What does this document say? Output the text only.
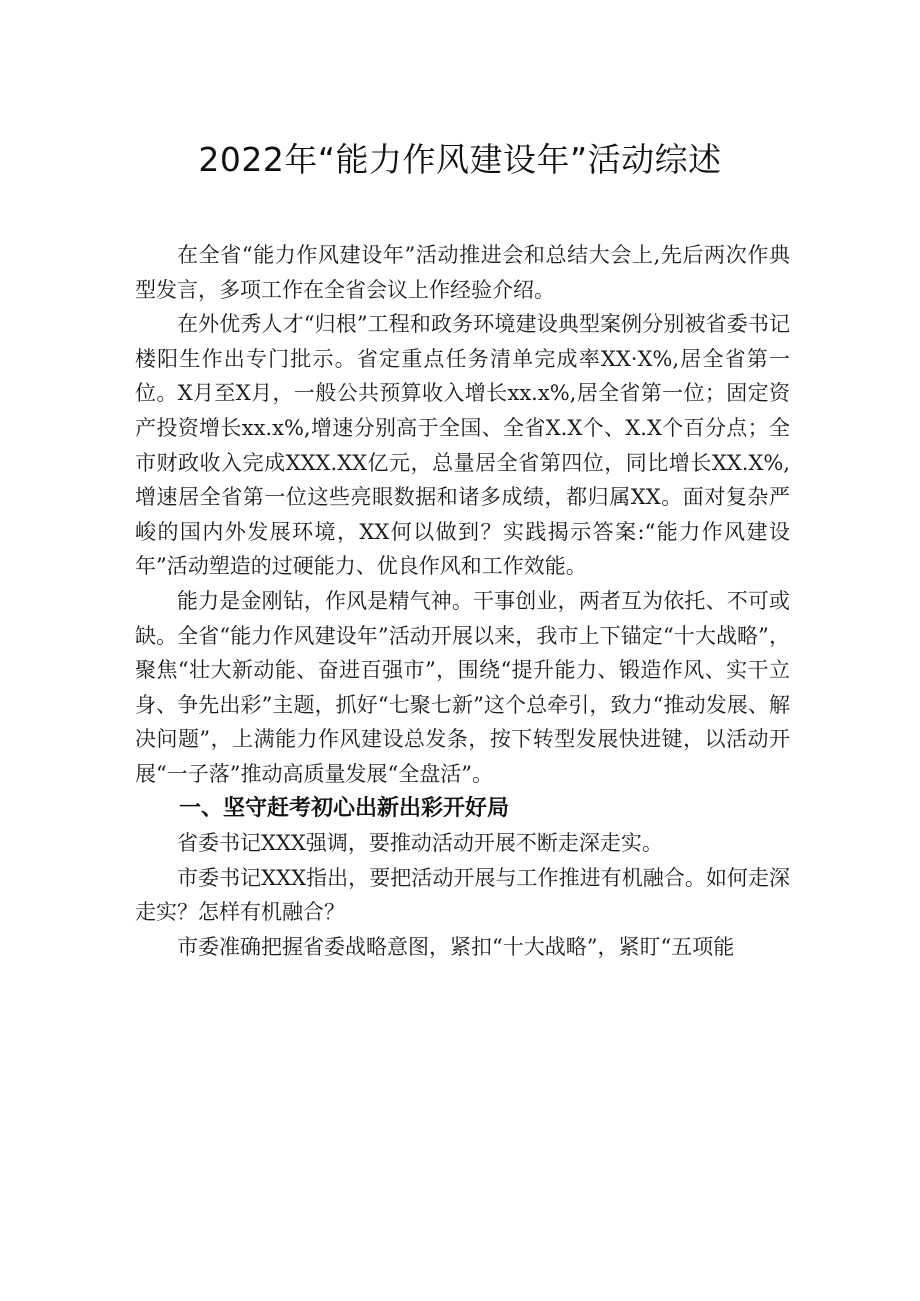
2022年“能力作风建设年”活动综述

在全省“能力作风建设年”活动推进会和总结大会上,先后两次作典型发言，多项工作在全省会议上作经验介绍。

在外优秀人才“归根”工程和政务环境建设典型案例分别被省委书记楼阳生作出专门批示。省定重点任务清单完成率XX·X%,居全省第一位。X月至X月，一般公共预算收入增长xx.x%,居全省第一位；固定资产投资增长xx.x%,增速分别高于全国、全省X.X个、X.X个百分点；全市财政收入完成XXX.XX亿元，总量居全省第四位，同比增长XX.X%,增速居全省第一位这些亮眼数据和诸多成绩，都归属XX。面对复杂严峻的国内外发展环境，XX何以做到？实践揭示答案:“能力作风建设年”活动塑造的过硬能力、优良作风和工作效能。

能力是金刚钻，作风是精气神。干事创业，两者互为依托、不可或缺。全省“能力作风建设年”活动开展以来，我市上下锚定“十大战略”，聚焦“壮大新动能、奋进百强市”，围绕“提升能力、锻造作风、实干立身、争先出彩”主题，抓好“七聚七新”这个总牵引，致力“推动发展、解决问题”，上满能力作风建设总发条，按下转型发展快进键，以活动开展“一子落”推动高质量发展“全盘活”。

一、坚守赶考初心出新出彩开好局

省委书记XXX强调，要推动活动开展不断走深走实。

市委书记XXX指出，要把活动开展与工作推进有机融合。如何走深走实？怎样有机融合？

市委准确把握省委战略意图，紧扣“十大战略”，紧盯“五项能
